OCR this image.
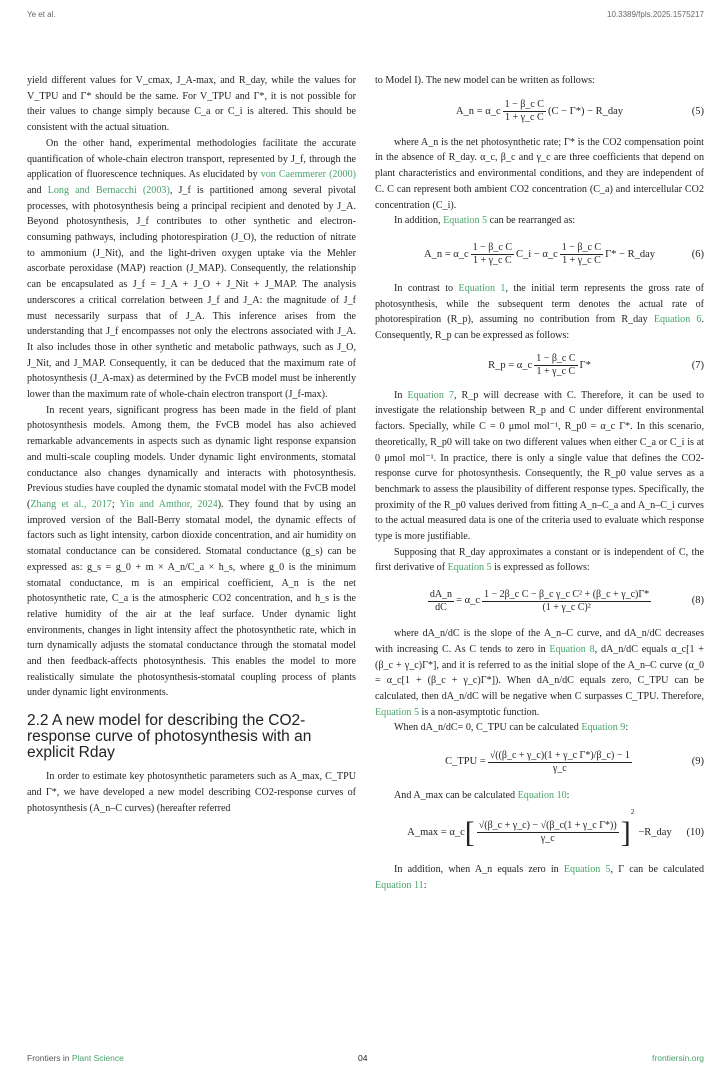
Ye et al.	10.3389/fpls.2025.1575217

yield different values for V_cmax, J_A-max, and R_day, while the values for V_TPU and Γ* should be the same. For V_TPU and Γ*, it is not possible for their values to change simply because C_a or C_i is altered. This should be consistent with the actual situation.

On the other hand, experimental methodologies facilitate the accurate quantification of whole-chain electron transport, represented by J_f, through the application of fluorescence techniques. As elucidated by von Caemmerer (2000) and Long and Bernacchi (2003), J_f is partitioned among several pivotal processes, with photosynthesis being a principal recipient and denoted by J_A. Beyond photosynthesis, J_f contributes to other synthetic and electron-consuming pathways, including photorespiration (J_O), the reduction of nitrate to ammonium (J_Nit), and the light-driven oxygen uptake via the Mehler ascorbate peroxidase (MAP) reaction (J_MAP). Consequently, the relationship can be encapsulated as J_f = J_A + J_O + J_Nit + J_MAP. The analysis underscores a critical correlation between J_f and J_A: the magnitude of J_f must necessarily surpass that of J_A. This inference arises from the understanding that J_f encompasses not only the electrons associated with J_A. It also includes those in other synthetic and metabolic pathways, such as J_O, J_Nit, and J_MAP. Consequently, it can be deduced that the maximum rate of photosynthesis (J_A-max) as determined by the FvCB model must be inherently lower than the maximum rate of whole-chain electron transport (J_f-max).

In recent years, significant progress has been made in the field of plant photosynthesis models. Among them, the FvCB model has also achieved remarkable advancements in aspects such as dynamic light response expansion and multi-scale coupling models. Under dynamic light environments, stomatal conductance also changes dynamically and interacts with photosynthesis. Previous studies have coupled the dynamic stomatal model with the FvCB model (Zhang et al., 2017; Yin and Amthor, 2024). They found that by using an improved version of the Ball-Berry stomatal model, the dynamic effects of factors such as light intensity, carbon dioxide concentration, and air humidity on stomatal conductance can be considered. Stomatal conductance (g_s) can be expressed as: g_s = g_0 + m × A_n/C_a × h_s, where g_0 is the minimum stomatal conductance, m is an empirical coefficient, A_n is the net photosynthetic rate, C_a is the atmospheric CO2 concentration, and h_s is the relative humidity of the air at the leaf surface. Under dynamic light environments, changes in light intensity affect the photosynthetic rate, which in turn dynamically adjusts the stomatal conductance through the stomatal model and then feedback-affects photosynthesis. This enables the model to more realistically simulate the photosynthesis-stomatal coupling process of plants under dynamic light environments.

2.2 A new model for describing the CO2-response curve of photosynthesis with an explicit Rday

In order to estimate key photosynthetic parameters such as A_max, C_TPU and Γ*, we have developed a new model describing CO2-response curves of photosynthesis (A_n–C curves) (hereafter referred

to Model I). The new model can be written as follows:

A_n = α_c $\frac{\text{1 − β\_c C}}{\text{1 + γ\_c C}} (C - \Gamma*)$ − R_day	(5)

where A_n is the net photosynthetic rate; Γ* is the CO2 compensation point in the absence of R_day. α_c, β_c and γ_c are three coefficients that depend on plant characteristics and environmental conditions, and they are independent of C. C can represent both ambient CO2 concentration (C_a) and intercellular CO2 concentration (C_i).

In addition, Equation 5 can be rearranged as:

A_n = α_c $\frac{\text{1 − β\_c C}}{\text{1 + γ\_c C}}$ C_i − α_c $\frac{\text{1 − β\_c C}}{\text{1 + γ\_c C}} \Gamma*$ − R_day	(6)

In contrast to Equation 1, the initial term represents the gross rate of photosynthesis, while the subsequent term denotes the actual rate of photorespiration (R_p), assuming no contribution from R_day Equation 6. Consequently, R_p can be expressed as follows:

R_p = α_c $\frac{\text{1 − β\_c C}}{\text{1 + γ\_c C}} \Gamma*$	(7)

In Equation 7, R_p will decrease with C. Therefore, it can be used to investigate the relationship between R_p and C under different environmental factors. Specially, while C = 0 μmol mol⁻¹, R_p0 = α_c Γ*. In this scenario, theoretically, R_p0 will take on two different values when either C_a or C_i is at 0 μmol mol⁻¹. In practice, there is only a single value that defines the CO2-response curve for photosynthesis. Consequently, the R_p0 value serves as a benchmark to assess the plausibility of different response types. Specifically, the proximity of the R_p0 values derived from fitting A_n–C_a and A_n–C_i curves to the actual measured data is one of the criteria used to evaluate which response type is more justifiable.

Supposing that R_day approximates a constant or is independent of C, the first derivative of Equation 5 is expressed as follows:

$\frac{dA\_n}{dC}$ = α_c $\frac{\text{1 − 2β\_c C − β\_c γ\_c C² + (β\_c + γ\_c)Γ*}}{\text{(1 + γ\_c C)²}}$	(8)

where dA_n/dC is the slope of the A_n–C curve, and dA_n/dC decreases with increasing C. As C tends to zero in Equation 8, dA_n/dC equals α_c[1 + (β_c + γ_c)Γ*], and it is referred to as the initial slope of the A_n–C curve (α_0 = α_c[1 + (β_c + γ_c)Γ*]). When dA_n/dC equals zero, C_TPU can be calculated, then dA_n/dC will be negative when C surpasses C_TPU. Therefore, Equation 5 is a non-asymptotic function.

When dA_n/dC= 0, C_TPU can be calculated Equation 9:

C_TPU = $\frac{\text{√((β\_c + γ\_c)(1 + γ\_c Γ*)/β\_c) − 1}}{\gamma\_c}$	(9)

And A_max can be calculated Equation 10:

A_max = α_c [ $\frac{\text{√(β\_c + γ\_c) − √(β\_c(1 + γ\_c Γ*))}}{\gamma\_c}$ ]
2
−R_day (10)

In addition, when A_n equals zero in Equation 5, Γ can be calculated Equation 11:

Frontiers in Plant Science	04	frontiersin.org
